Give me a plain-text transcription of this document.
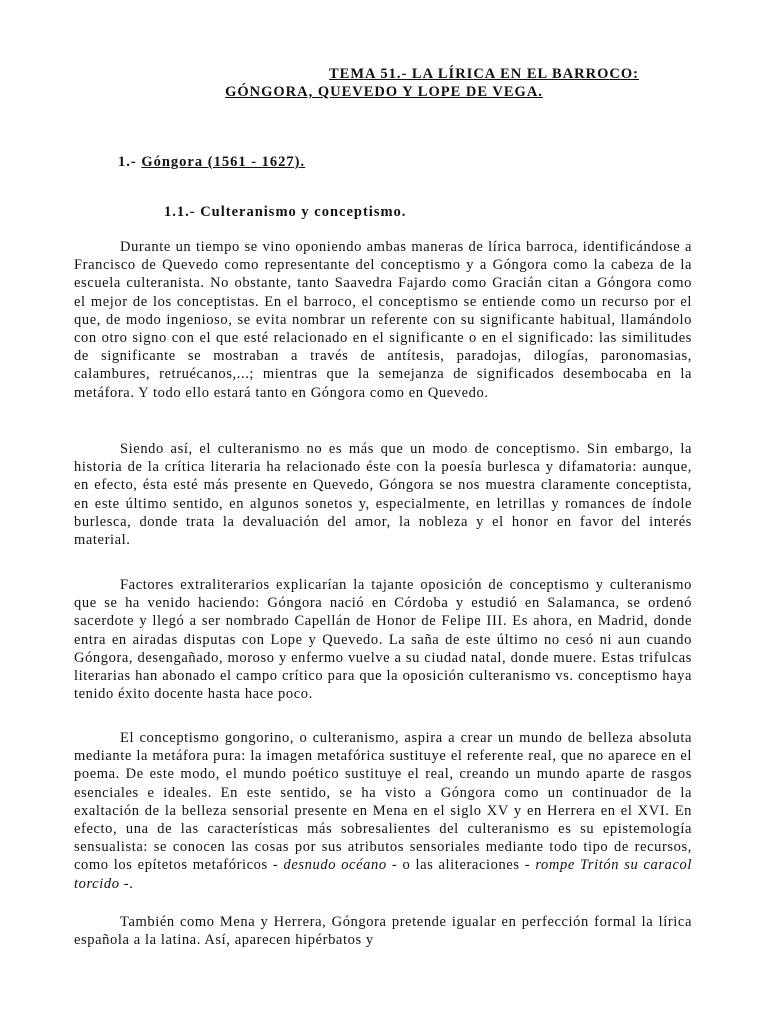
TEMA 51.- LA LÍRICA EN EL BARROCO:
GÓNGORA, QUEVEDO Y LOPE DE VEGA.
1.- Góngora (1561 - 1627).
1.1.- Culteranismo y conceptismo.

Durante un tiempo se vino oponiendo ambas maneras de lírica barroca, identificándose a Francisco de Quevedo como representante del conceptismo y a Góngora como la cabeza de la escuela culteranista. No obstante, tanto Saavedra Fajardo como Gracián citan a Góngora como el mejor de los conceptistas. En el barroco, el conceptismo se entiende como un recurso por el que, de modo ingenioso, se evita nombrar un referente con su significante habitual, llamándolo con otro signo con el que esté relacionado en el significante o en el significado: las similitudes de significante se mostraban a través de antítesis, paradojas, dilogías, paronomasias, calambures, retruécanos,...; mientras que la semejanza de significados desembocaba en la metáfora. Y todo ello estará tanto en Góngora como en Quevedo.

Siendo así, el culteranismo no es más que un modo de conceptismo. Sin embargo, la historia de la crítica literaria ha relacionado éste con la poesía burlesca y difamatoria: aunque, en efecto, ésta esté más presente en Quevedo, Góngora se nos muestra claramente conceptista, en este último sentido, en algunos sonetos y, especialmente, en letrillas y romances de índole burlesca, donde trata la devaluación del amor, la nobleza y el honor en favor del interés material.

Factores extraliterarios explicarían la tajante oposición de conceptismo y culteranismo que se ha venido haciendo: Góngora nació en Córdoba y estudió en Salamanca, se ordenó sacerdote y llegó a ser nombrado Capellán de Honor de Felipe III. Es ahora, en Madrid, donde entra en airadas disputas con Lope y Quevedo. La saña de este último no cesó ni aun cuando Góngora, desengañado, moroso y enfermo vuelve a su ciudad natal, donde muere. Estas trifulcas literarias han abonado el campo crítico para que la oposición culteranismo vs. conceptismo haya tenido éxito docente hasta hace poco.

El conceptismo gongorino, o culteranismo, aspira a crear un mundo de belleza absoluta mediante la metáfora pura: la imagen metafórica sustituye el referente real, que no aparece en el poema. De este modo, el mundo poético sustituye el real, creando un mundo aparte de rasgos esenciales e ideales. En este sentido, se ha visto a Góngora como un continuador de la exaltación de la belleza sensorial presente en Mena en el siglo XV y en Herrera en el XVI. En efecto, una de las características más sobresalientes del culteranismo es su epistemología sensualista: se conocen las cosas por sus atributos sensoriales mediante todo tipo de recursos, como los epítetos metafóricos - desnudo océano - o las aliteraciones - rompe Tritón su caracol torcido -.

También como Mena y Herrera, Góngora pretende igualar en perfección formal la lírica española a la latina. Así, aparecen hipérbatos y
